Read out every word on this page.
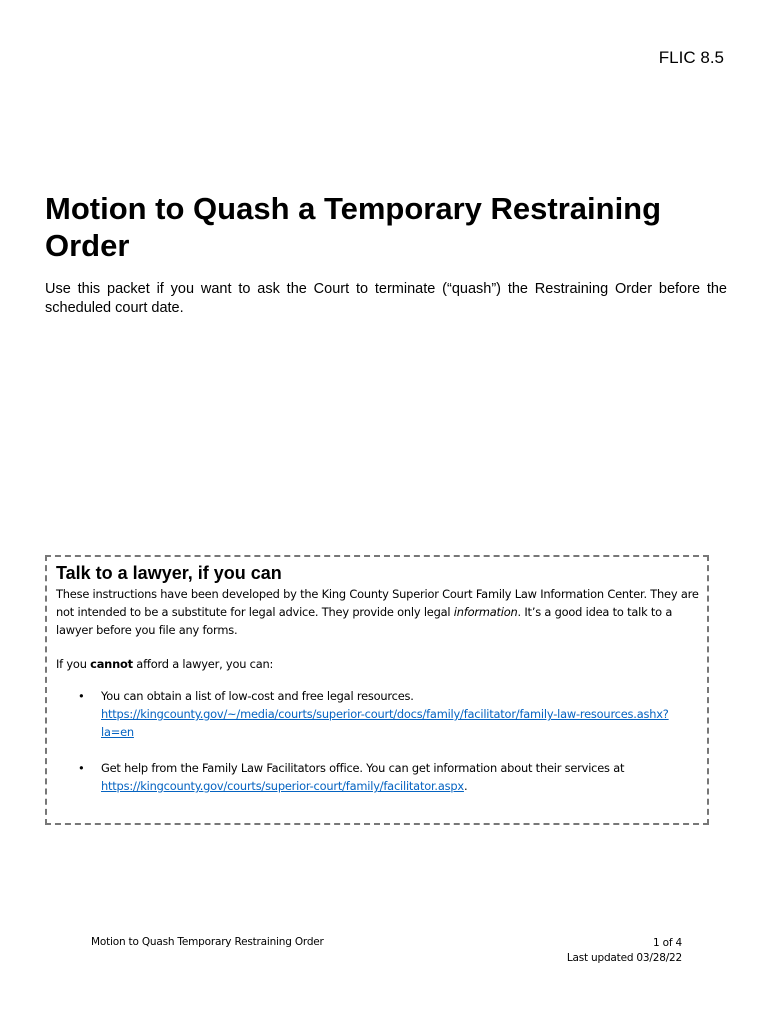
FLIC 8.5
Motion to Quash a Temporary Restraining Order

Use this packet if you want to ask the Court to terminate (“quash”) the Restraining Order before the scheduled court date.

Talk to a lawyer, if you can

These instructions have been developed by the King County Superior Court Family Law Information Center. They are not intended to be a substitute for legal advice. They provide only legal information. It’s a good idea to talk to a lawyer before you file any forms.

If you cannot afford a lawyer, you can:

• You can obtain a list of low-cost and free legal resources.
https://kingcounty.gov/~/media/courts/superior-court/docs/family/facilitator/family-law-resources.ashx?la=en
• Get help from the Family Law Facilitators office. You can get information about their services at
https://kingcounty.gov/courts/superior-court/family/facilitator.aspx.
Motion to Quash Temporary Restraining Order	1 of 4
Last updated 03/28/22
